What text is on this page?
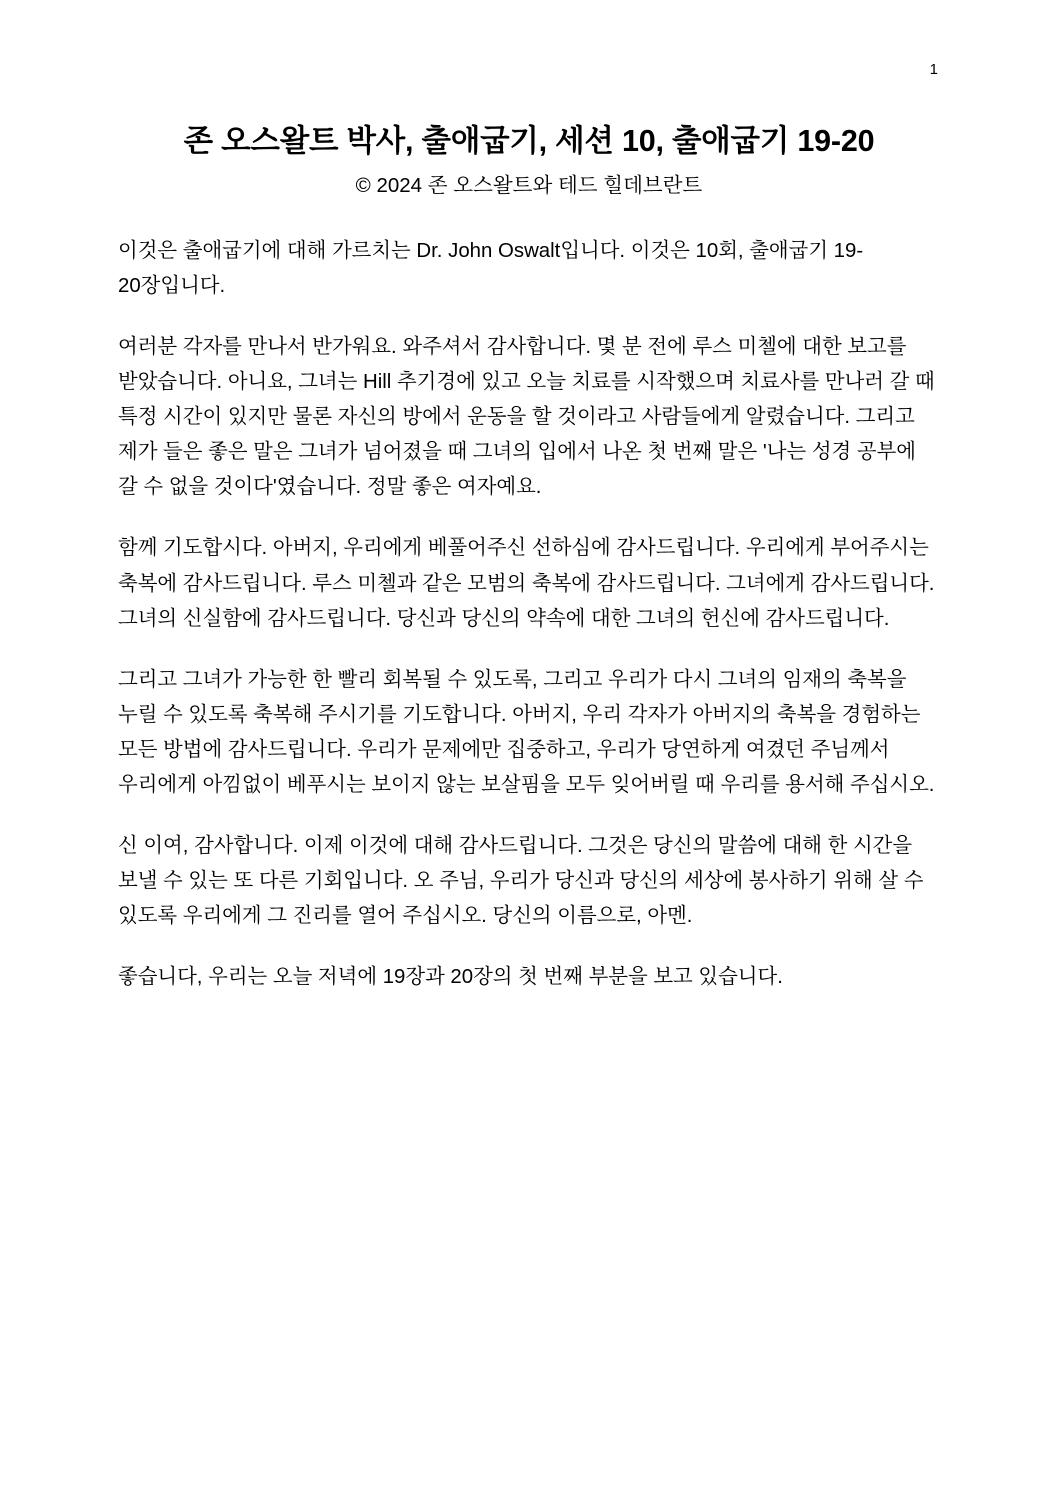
1
존 오스왈트 박사, 출애굽기, 세션 10, 출애굽기 19-20
© 2024 존 오스왈트와 테드 힐데브란트

이것은 출애굽기에 대해 가르치는 Dr. John Oswalt입니다. 이것은 10회, 출애굽기 19-20장입니다.

여러분 각자를 만나서 반가워요. 와주셔서 감사합니다. 몇 분 전에 루스 미첼에 대한 보고를 받았습니다. 아니요, 그녀는 Hill 추기경에 있고 오늘 치료를 시작했으며 치료사를 만나러 갈 때 특정 시간이 있지만 물론 자신의 방에서 운동을 할 것이라고 사람들에게 알렸습니다. 그리고 제가 들은 좋은 말은 그녀가 넘어졌을 때 그녀의 입에서 나온 첫 번째 말은 '나는 성경 공부에 갈 수 없을 것이다'였습니다. 정말 좋은 여자예요.

함께 기도합시다. 아버지, 우리에게 베풀어주신 선하심에 감사드립니다. 우리에게 부어주시는 축복에 감사드립니다. 루스 미첼과 같은 모범의 축복에 감사드립니다. 그녀에게 감사드립니다. 그녀의 신실함에 감사드립니다. 당신과 당신의 약속에 대한 그녀의 헌신에 감사드립니다.

그리고 그녀가 가능한 한 빨리 회복될 수 있도록, 그리고 우리가 다시 그녀의 임재의 축복을 누릴 수 있도록 축복해 주시기를 기도합니다. 아버지, 우리 각자가 아버지의 축복을 경험하는 모든 방법에 감사드립니다. 우리가 문제에만 집중하고, 우리가 당연하게 여겼던 주님께서 우리에게 아낌없이 베푸시는 보이지 않는 보살핌을 모두 잊어버릴 때 우리를 용서해 주십시오.

신 이여, 감사합니다. 이제 이것에 대해 감사드립니다. 그것은 당신의 말씀에 대해 한 시간을 보낼 수 있는 또 다른 기회입니다. 오 주님, 우리가 당신과 당신의 세상에 봉사하기 위해 살 수 있도록 우리에게 그 진리를 열어 주십시오. 당신의 이름으로, 아멘.

좋습니다, 우리는 오늘 저녁에 19장과 20장의 첫 번째 부분을 보고 있습니다.
